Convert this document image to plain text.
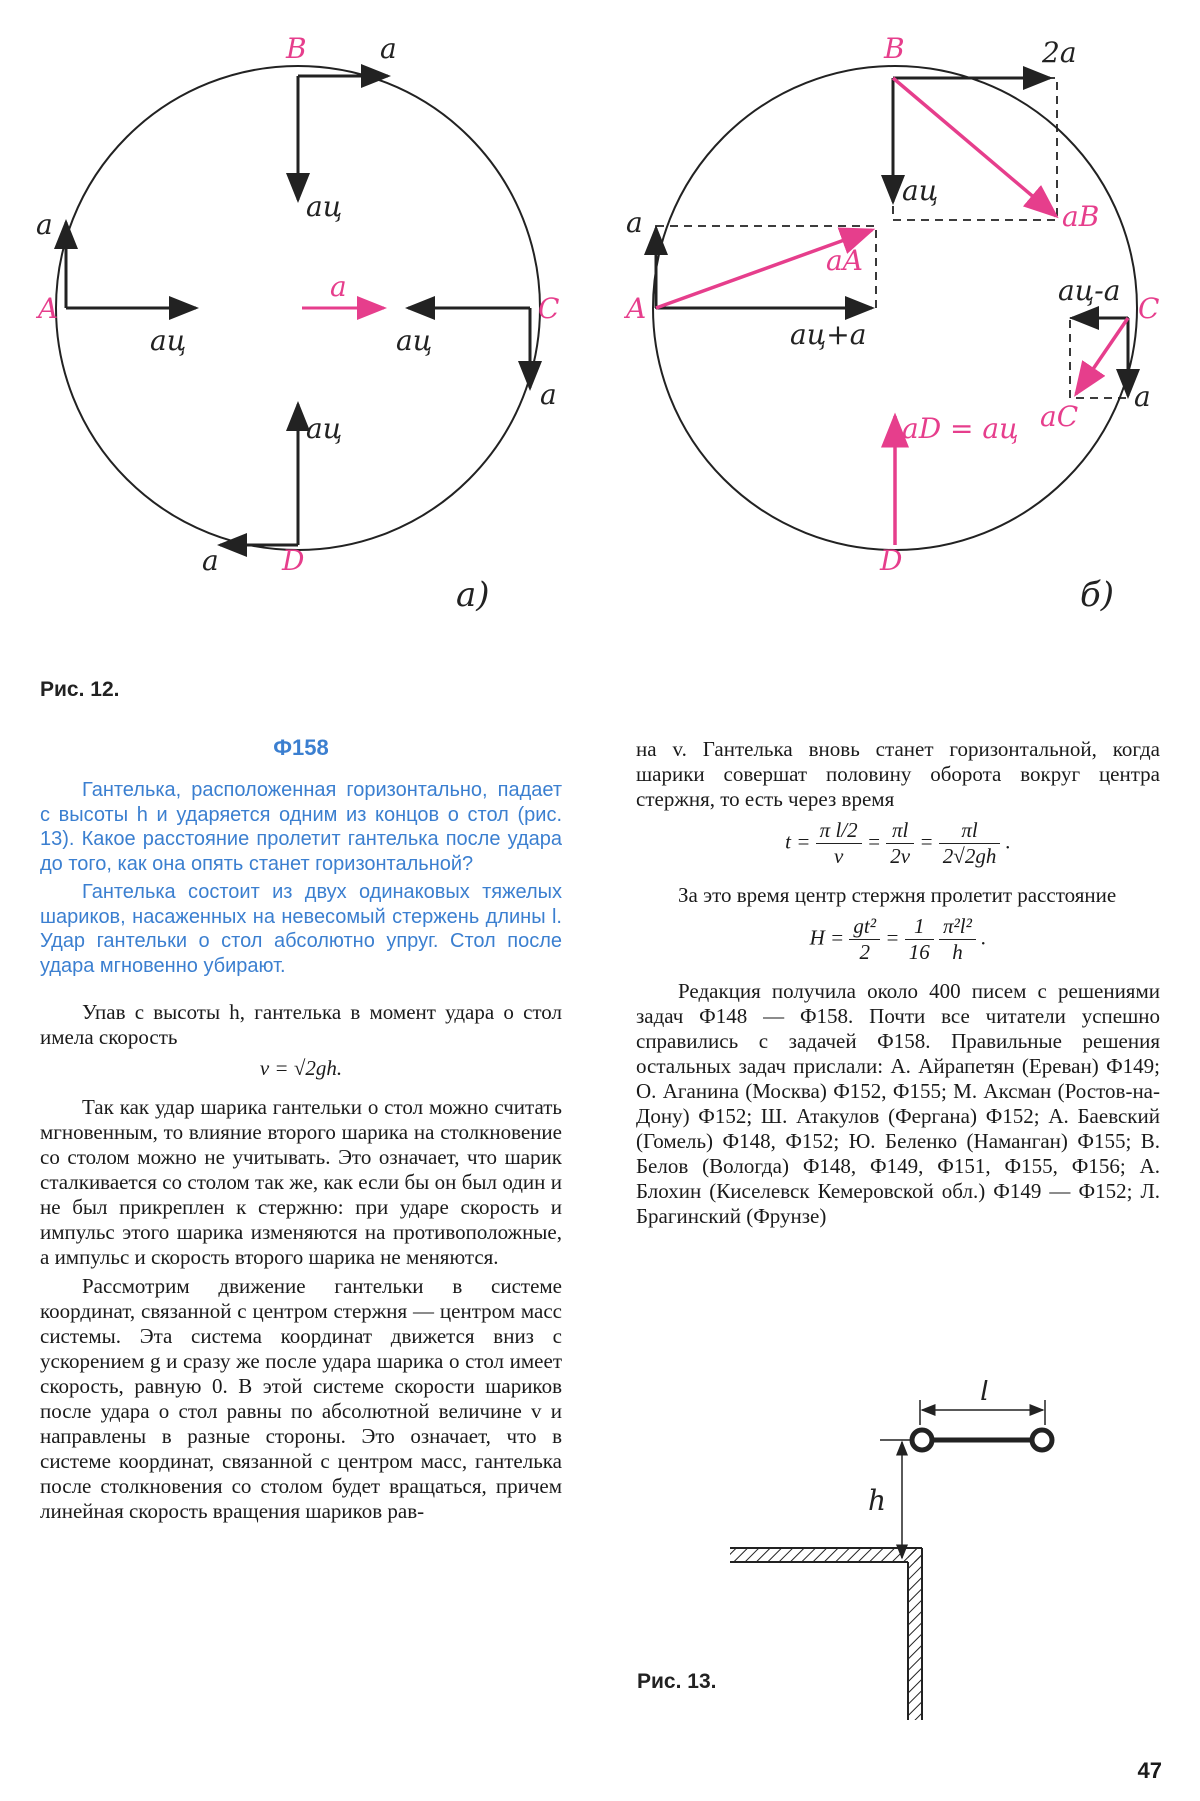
B	a
aц
a
A
aц
a
aц
C
a
aц
a D
а)
B	2a
aц
aB
a
aA
A
aц+a
aц-a
C
a
aC
aD = aц
D
б)
Рис. 12.
Ф158

Гантелька, расположенная горизонтально, падает с высоты h и ударяется одним из концов о стол (рис. 13). Какое расстояние пролетит гантелька после удара до того, как она опять станет горизонтальной?

Гантелька состоит из двух одинаковых тяжелых шариков, насаженных на невесомый стержень длины l. Удар гантельки о стол абсолютно упруг. Стол после удара мгновенно убирают.

Упав с высоты h, гантелька в момент удара о стол имела скорость

v = √2gh.

Так как удар шарика гантельки о стол можно считать мгновенным, то влияние второго шарика на столкновение со столом можно не учитывать. Это означает, что шарик сталкивается со столом так же, как если бы он был один и не был прикреплен к стержню: при ударе скорость и импульс этого шарика изменяются на противоположные, а импульс и скорость второго шарика не меняются.

Рассмотрим движение гантельки в системе координат, связанной с центром стержня — центром масс системы. Эта система координат движется вниз с ускорением g и сразу же после удара шарика о стол имеет скорость, равную 0. В этой системе скорости шариков после удара о стол равны по абсолютной величине v и направлены в разные стороны. Это означает, что в системе координат, связанной с центром масс, гантелька после столкновения со столом будет вращаться, причем линейная скорость вращения шариков рав-

на v. Гантелька вновь станет горизонтальной, когда шарики совершат половину оборота вокруг центра стержня, то есть через время

$t = \frac{\text{π l/2}}{v} = \frac{\pi l}{2v} = \frac{\pi l}{2√2gh}$ .

За это время центр стержня пролетит расстояние

$H = \frac{\text{gt²}}{2} = \frac{1}{16}$
$\frac{\text{π²l²}}{h}$ .

Редакция получила около 400 писем с решениями задач Ф148 — Ф158. Почти все читатели успешно справились с задачей Ф158. Правильные решения остальных задач прислали: А. Айрапетян (Ереван) Ф149; О. Аганина (Москва) Ф152, Ф155; М. Аксман (Ростов-на-Дону) Ф152; Ш. Атакулов (Фергана) Ф152; А. Баевский (Гомель) Ф148, Ф152; Ю. Беленко (Наманган) Ф155; В. Белов (Вологда) Ф148, Ф149, Ф151, Ф155, Ф156; А. Блохин (Киселевск Кемеровской обл.) Ф149 — Ф152; Л. Брагинский (Фрунзе)

l
h
Рис. 13.
47
